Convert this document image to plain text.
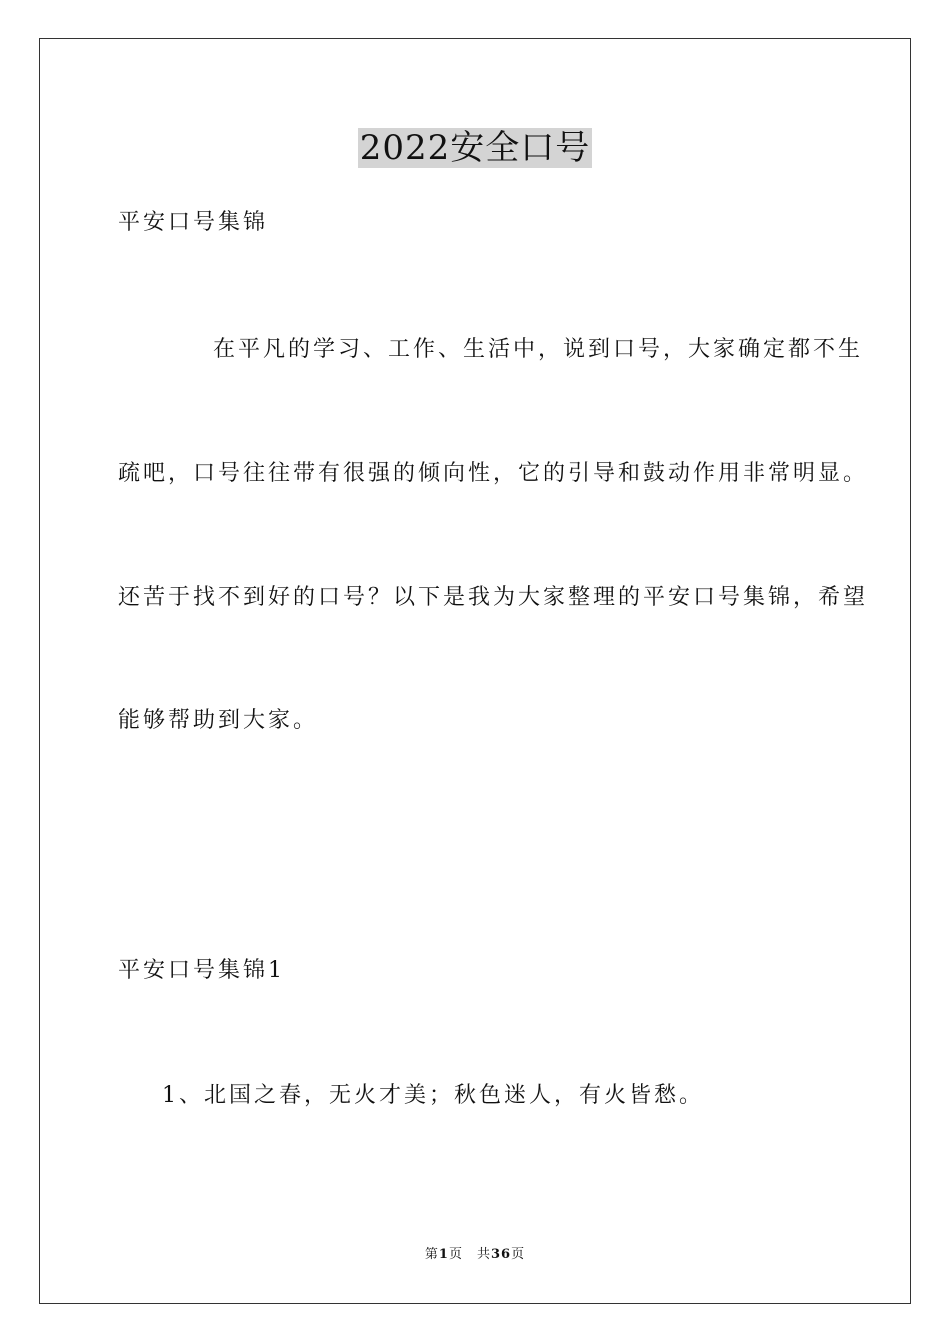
2022安全口号
平安口号集锦
在平凡的学习、工作、生活中，说到口号，大家确定都不生
疏吧，口号往往带有很强的倾向性，它的引导和鼓动作用非常明显。
还苦于找不到好的口号？以下是我为大家整理的平安口号集锦，希望
能够帮助到大家。
平安口号集锦1
1、北国之春，无火才美；秋色迷人，有火皆愁。
第1页 共36页
